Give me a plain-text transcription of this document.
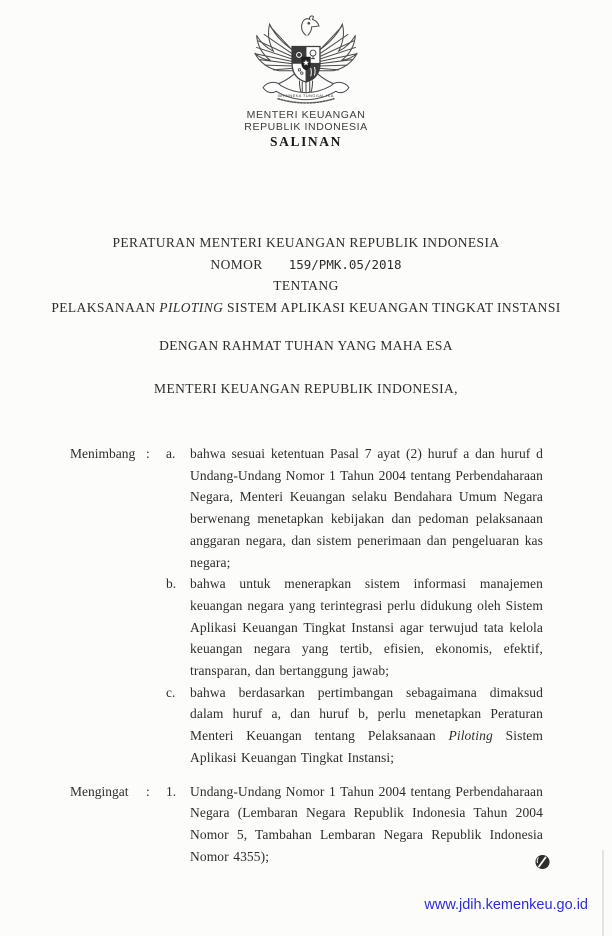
BHINNEKA TUNGGAL IKA
MENTERI KEUANGAN
REPUBLIK INDONESIA
SALINAN
PERATURAN MENTERI KEUANGAN REPUBLIK INDONESIA
NOMOR 159/PMK.05/2018
TENTANG
PELAKSANAAN PILOTING SISTEM APLIKASI KEUANGAN TINGKAT INSTANSI
DENGAN RAHMAT TUHAN YANG MAHA ESA
MENTERI KEUANGAN REPUBLIK INDONESIA,
Menimbang :	a.	bahwa sesuai ketentuan Pasal 7 ayat (2) huruf a dan huruf d Undang-Undang Nomor 1 Tahun 2004 tentang Perbendaharaan Negara, Menteri Keuangan selaku Bendahara Umum Negara berwenang menetapkan kebijakan dan pedoman pelaksanaan anggaran negara, dan sistem penerimaan dan pengeluaran kas negara;
b.	bahwa untuk menerapkan sistem informasi manajemen keuangan negara yang terintegrasi perlu didukung oleh Sistem Aplikasi Keuangan Tingkat Instansi agar terwujud tata kelola keuangan negara yang tertib, efisien, ekonomis, efektif, transparan, dan bertanggung jawab;
c.	bahwa berdasarkan pertimbangan sebagaimana dimaksud dalam huruf a, dan huruf b, perlu menetapkan Peraturan Menteri Keuangan tentang Pelaksanaan Piloting Sistem Aplikasi Keuangan Tingkat Instansi;
Mengingat	:	1.	Undang-Undang Nomor 1 Tahun 2004 tentang Perbendaharaan Negara (Lembaran Negara Republik Indonesia Tahun 2004 Nomor 5, Tambahan Lembaran Negara Republik Indonesia Nomor 4355);
www.jdih.kemenkeu.go.id
